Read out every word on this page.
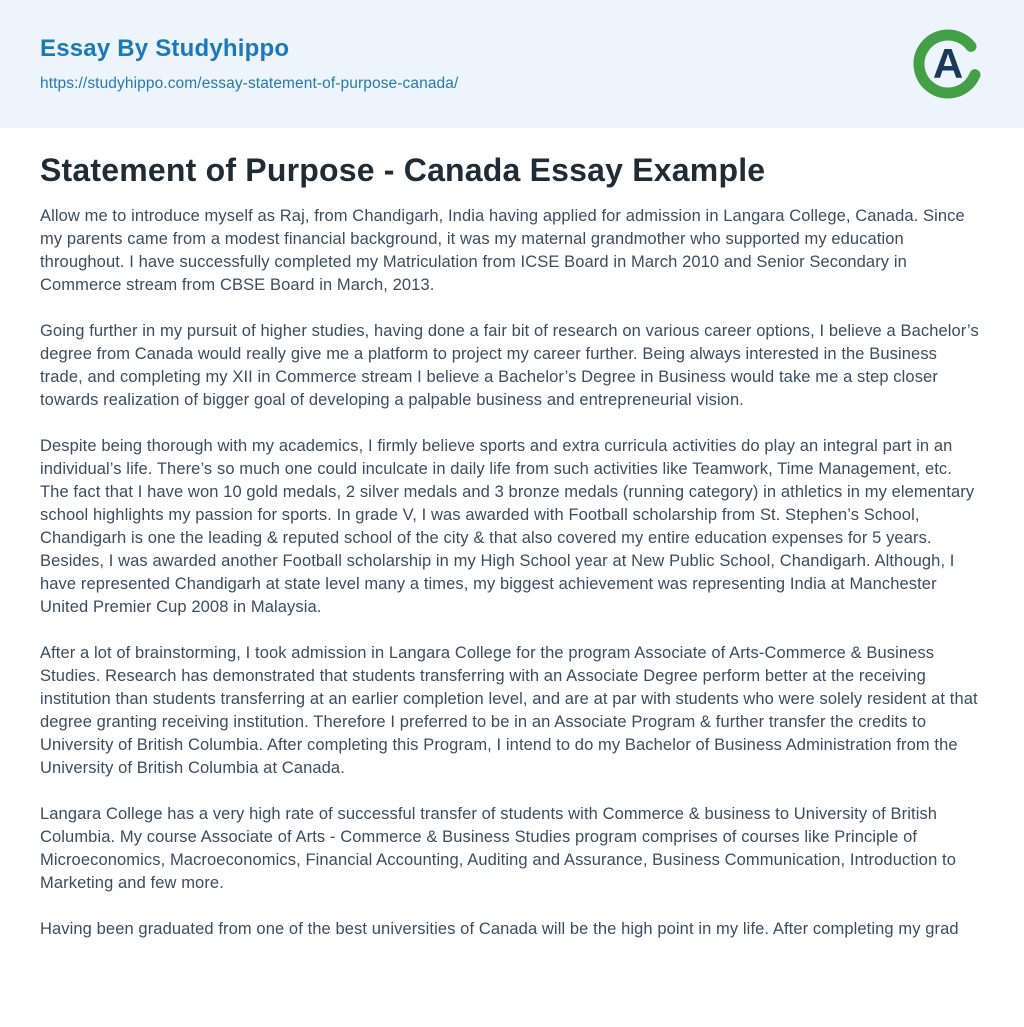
Essay By Studyhippo
https://studyhippo.com/essay-statement-of-purpose-canada/	A
Statement of Purpose - Canada Essay Example

Allow me to introduce myself as Raj, from Chandigarh, India having applied for admission in Langara College, Canada. Since my parents came from a modest financial background, it was my maternal grandmother who supported my education throughout. I have successfully completed my Matriculation from ICSE Board in March 2010 and Senior Secondary in Commerce stream from CBSE Board in March, 2013.

Going further in my pursuit of higher studies, having done a fair bit of research on various career options, I believe a Bachelor’s degree from Canada would really give me a platform to project my career further. Being always interested in the Business trade, and completing my XII in Commerce stream I believe a Bachelor’s Degree in Business would take me a step closer towards realization of bigger goal of developing a palpable business and entrepreneurial vision.

Despite being thorough with my academics, I firmly believe sports and extra curricula activities do play an integral part in an individual’s life. There’s so much one could inculcate in daily life from such activities like Teamwork, Time Management, etc. The fact that I have won 10 gold medals, 2 silver medals and 3 bronze medals (running category) in athletics in my elementary school highlights my passion for sports. In grade V, I was awarded with Football scholarship from St. Stephen’s School, Chandigarh is one the leading & reputed school of the city & that also covered my entire education expenses for 5 years. Besides, I was awarded another Football scholarship in my High School year at New Public School, Chandigarh. Although, I have represented Chandigarh at state level many a times, my biggest achievement was representing India at Manchester United Premier Cup 2008 in Malaysia.

After a lot of brainstorming, I took admission in Langara College for the program Associate of Arts-Commerce & Business Studies. Research has demonstrated that students transferring with an Associate Degree perform better at the receiving institution than students transferring at an earlier completion level, and are at par with students who were solely resident at that degree granting receiving institution. Therefore I preferred to be in an Associate Program & further transfer the credits to University of British Columbia. After completing this Program, I intend to do my Bachelor of Business Administration from the University of British Columbia at Canada.

Langara College has a very high rate of successful transfer of students with Commerce & business to University of British Columbia. My course Associate of Arts - Commerce & Business Studies program comprises of courses like Principle of Microeconomics, Macroeconomics, Financial Accounting, Auditing and Assurance, Business Communication, Introduction to Marketing and few more.

Having been graduated from one of the best universities of Canada will be the high point in my life. After completing my grad
